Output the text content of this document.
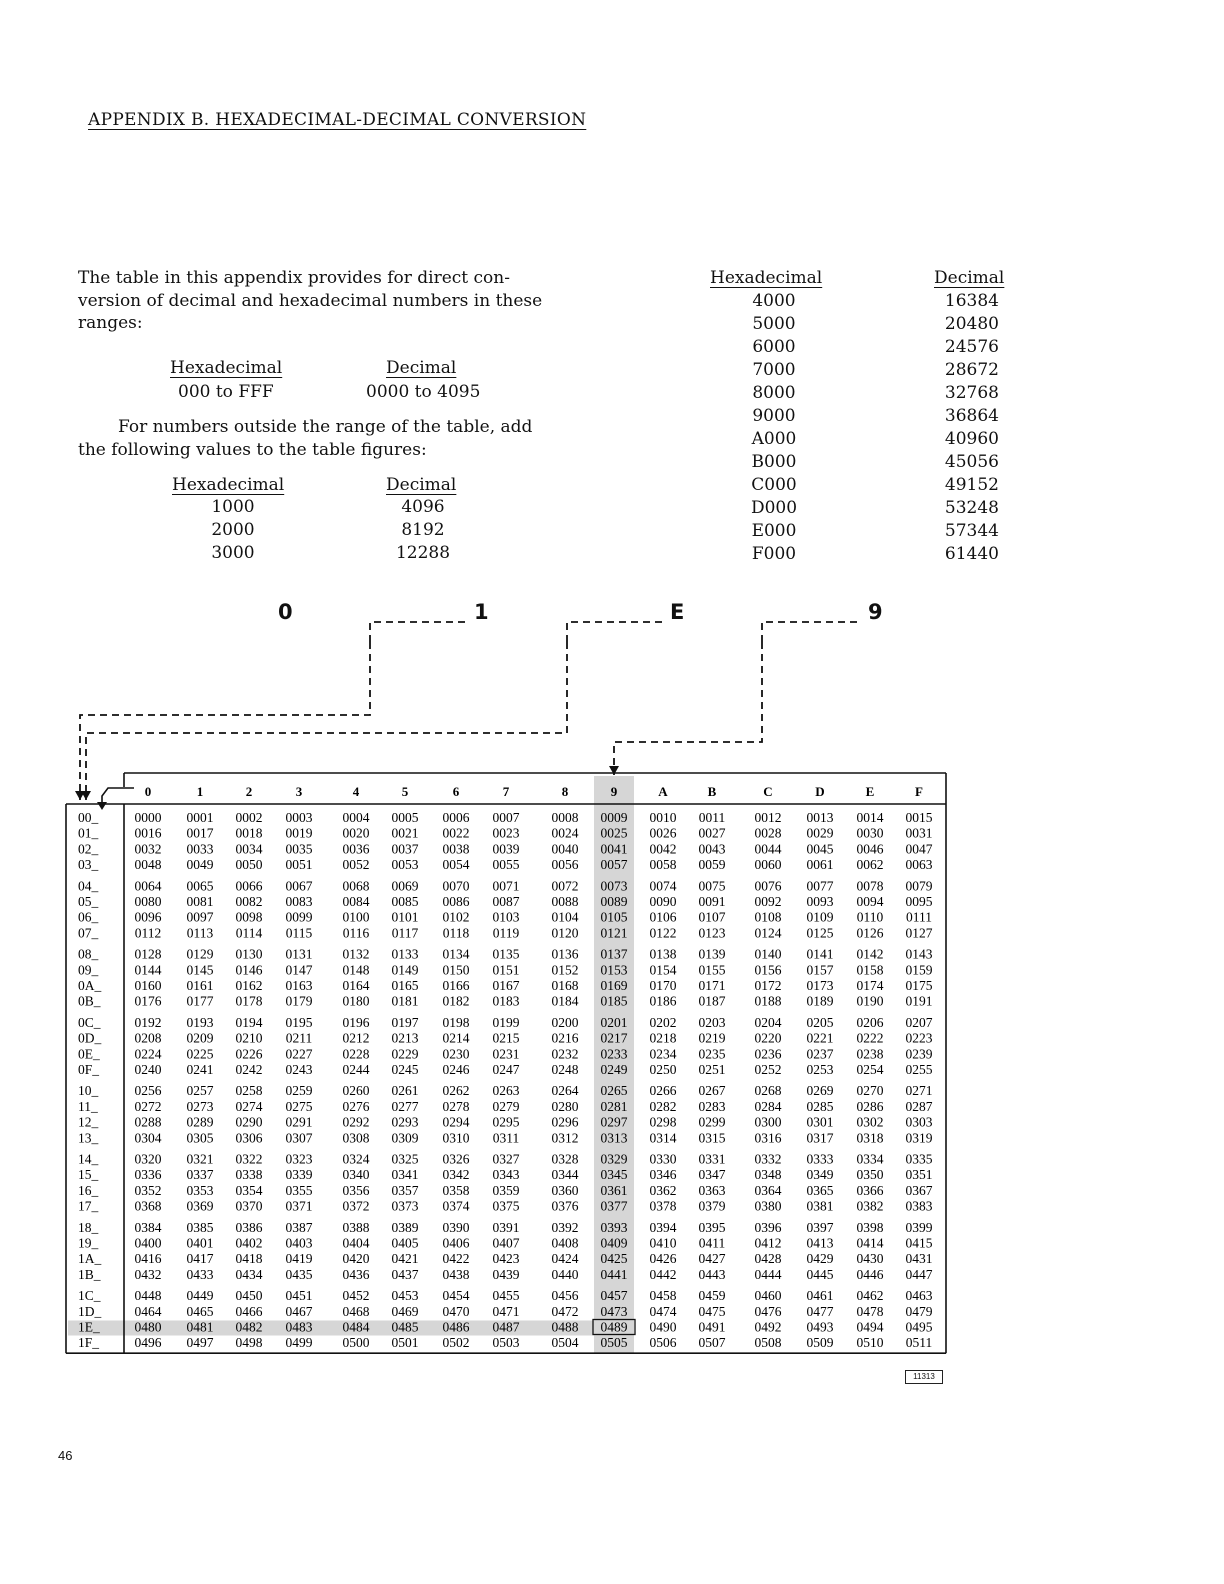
APPENDIX B. HEXADECIMAL-DECIMAL CONVERSION
The table in this appendix provides for direct con-version of decimal and hexadecimal numbers in these ranges:
Hexadecimal	Decimal
000 to FFF	0000 to 4095
For numbers outside the range of the table, add the following values to the table figures:
Hexadecimal	Decimal
1000	4096
2000	8192
3000	12288
Hexadecimal	Decimal
4000	16384
5000	20480
6000	24576
7000	28672
8000	32768
9000	36864
A000	40960
B000	45056
C000	49152
D000	53248
E000	57344
F000	61440
0	1	E	9
0	1	2	3	4	5	6	7	8	9	A	B	C	D	E	F
00_	0000 0001 0002 0003 0004 0005 0006 0007 0008 0009 0010 0011 0012 0013 0014 0015
01_	0016 0017 0018 0019 0020 0021 0022 0023 0024 0025 0026 0027 0028 0029 0030 0031
02_	0032 0033 0034 0035 0036 0037 0038 0039 0040 0041 0042 0043 0044 0045 0046 0047
03_	0048 0049 0050 0051 0052 0053 0054 0055 0056 0057 0058 0059 0060 0061 0062 0063
04_	0064 0065 0066 0067 0068 0069 0070 0071 0072 0073 0074 0075 0076 0077 0078 0079
05_	0080 0081 0082 0083 0084 0085 0086 0087 0088 0089 0090 0091 0092 0093 0094 0095
06_	0096 0097 0098 0099 0100 0101 0102 0103 0104 0105 0106 0107 0108 0109 0110 0111
07_	0112 0113 0114 0115 0116 0117 0118 0119 0120 0121 0122 0123 0124 0125 0126 0127
08_	0128 0129 0130 0131 0132 0133 0134 0135 0136 0137 0138 0139 0140 0141 0142 0143
09_	0144 0145 0146 0147 0148 0149 0150 0151 0152 0153 0154 0155 0156 0157 0158 0159
0A_ 0160 0161 0162 0163 0164 0165 0166 0167 0168 0169 0170 0171 0172 0173 0174 0175
0B_	0176 0177 0178 0179 0180 0181 0182 0183 0184 0185 0186 0187 0188 0189 0190 0191
0C_	0192 0193 0194 0195 0196 0197 0198 0199 0200 0201 0202 0203 0204 0205 0206 0207
0D_ 0208 0209 0210 0211 0212 0213 0214 0215 0216 0217 0218 0219 0220 0221 0222 0223
0E_	0224 0225 0226 0227 0228 0229 0230 0231 0232 0233 0234 0235 0236 0237 0238 0239
0F_	0240 0241 0242 0243 0244 0245 0246 0247 0248 0249 0250 0251 0252 0253 0254 0255
10_	0256 0257 0258 0259 0260 0261 0262 0263 0264 0265 0266 0267 0268 0269 0270 0271
11_	0272 0273 0274 0275 0276 0277 0278 0279 0280 0281 0282 0283 0284 0285 0286 0287
12_	0288 0289 0290 0291 0292 0293 0294 0295 0296 0297 0298 0299 0300 0301 0302 0303
13_	0304 0305 0306 0307 0308 0309 0310 0311 0312 0313 0314 0315 0316 0317 0318 0319
14_	0320 0321 0322 0323 0324 0325 0326 0327 0328 0329 0330 0331 0332 0333 0334 0335
15_	0336 0337 0338 0339 0340 0341 0342 0343 0344 0345 0346 0347 0348 0349 0350 0351
16_	0352 0353 0354 0355 0356 0357 0358 0359 0360 0361 0362 0363 0364 0365 0366 0367
17_	0368 0369 0370 0371 0372 0373 0374 0375 0376 0377 0378 0379 0380 0381 0382 0383
18_	0384 0385 0386 0387 0388 0389 0390 0391 0392 0393 0394 0395 0396 0397 0398 0399
19_	0400 0401 0402 0403 0404 0405 0406 0407 0408 0409 0410 0411 0412 0413 0414 0415
1A_ 0416 0417 0418 0419 0420 0421 0422 0423 0424 0425 0426 0427 0428 0429 0430 0431
1B_	0432 0433 0434 0435 0436 0437 0438 0439 0440 0441 0442 0443 0444 0445 0446 0447
1C_	0448 0449 0450 0451 0452 0453 0454 0455 0456 0457 0458 0459 0460 0461 0462 0463
1D_ 0464 0465 0466 0467 0468 0469 0470 0471 0472 0473 0474 0475 0476 0477 0478 0479
1E_	0480 0481 0482 0483 0484 0485 0486 0487 0488 0489 0490 0491 0492 0493 0494 0495
1F_	0496 0497 0498 0499 0500 0501 0502 0503 0504 0505 0506 0507 0508 0509 0510 0511
46
11313
